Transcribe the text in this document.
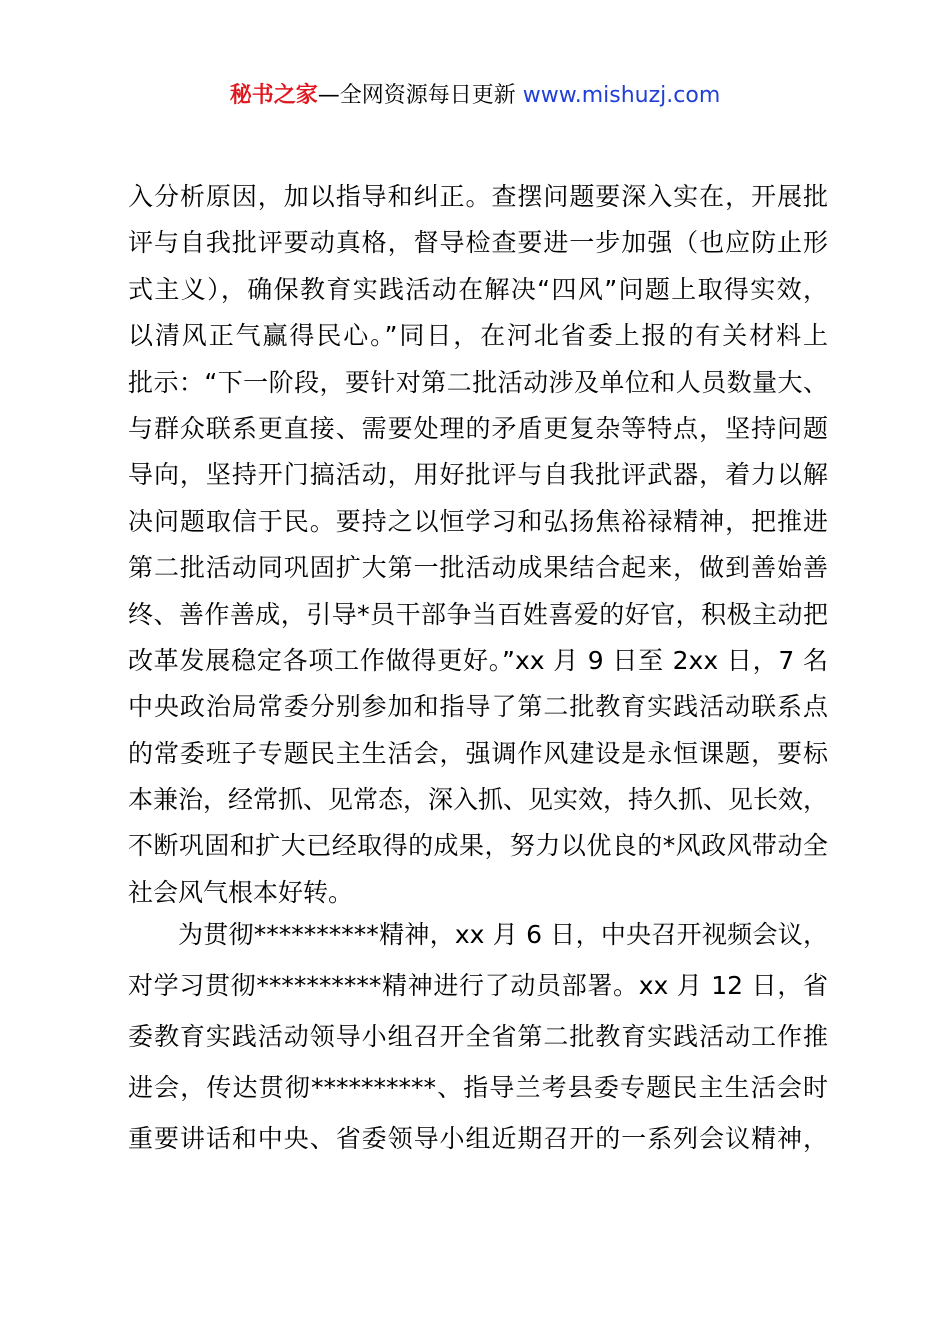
秘书之家—全网资源每日更新 www.mishuzj.com
入分析原因，加以指导和纠正。查摆问题要深入实在，开展批
评与自我批评要动真格，督导检查要进一步加强（也应防止形
式主义），确保教育实践活动在解决“四风”问题上取得实效，
以清风正气赢得民心。”同日，在河北省委上报的有关材料上
批示：“下一阶段，要针对第二批活动涉及单位和人员数量大、
与群众联系更直接、需要处理的矛盾更复杂等特点，坚持问题
导向，坚持开门搞活动，用好批评与自我批评武器，着力以解
决问题取信于民。要持之以恒学习和弘扬焦裕禄精神，把推进
第二批活动同巩固扩大第一批活动成果结合起来，做到善始善
终、善作善成，引导*员干部争当百姓喜爱的好官，积极主动把
改革发展稳定各项工作做得更好。”xx 月 9 日至 2xx 日，7 名
中央政治局常委分别参加和指导了第二批教育实践活动联系点
的常委班子专题民主生活会，强调作风建设是永恒课题，要标
本兼治，经常抓、见常态，深入抓、见实效，持久抓、见长效，
不断巩固和扩大已经取得的成果，努力以优良的*风政风带动全
社会风气根本好转。
为贯彻**********精神，xx 月 6 日，中央召开视频会议，
对学习贯彻**********精神进行了动员部署。xx 月 12 日，省
委教育实践活动领导小组召开全省第二批教育实践活动工作推
进会，传达贯彻**********、指导兰考县委专题民主生活会时
重要讲话和中央、省委领导小组近期召开的一系列会议精神，
